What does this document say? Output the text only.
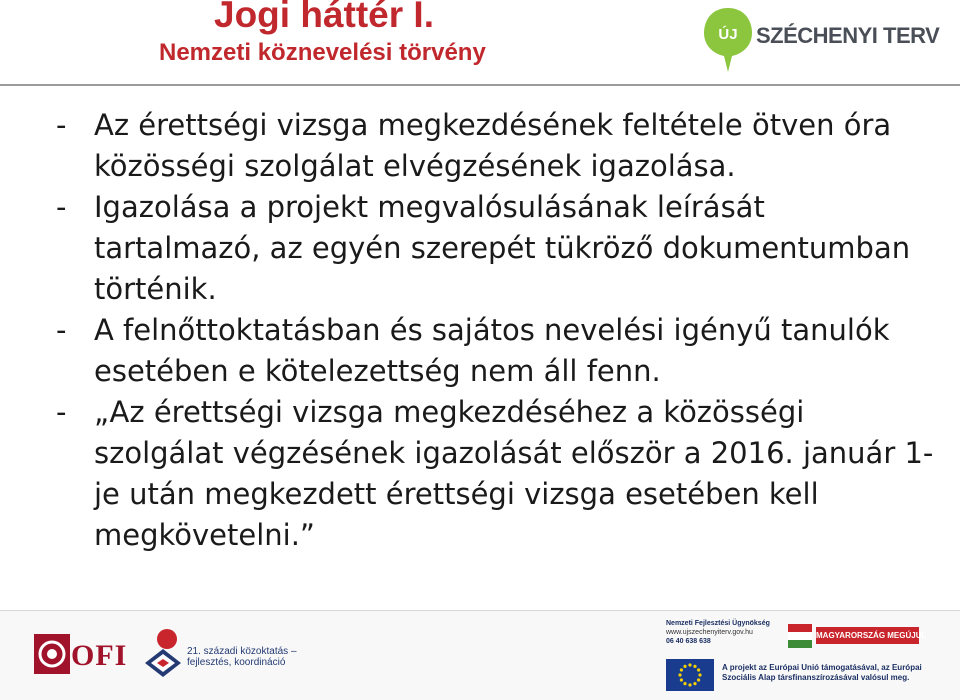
Jogi háttér I.
Nemzeti köznevelési törvény
ÚJ SZÉCHENYI TERV
- Az érettségi vizsga megkezdésének feltétele ötven óra közösségi szolgálat elvégzésének igazolása.
- Igazolása a projekt megvalósulásának leírását tartalmazó, az egyén szerepét tükröző dokumentumban történik.
- A felnőttoktatásban és sajátos nevelési igényű tanulók esetében e kötelezettség nem áll fenn.
- „Az érettségi vizsga megkezdéséhez a közösségi szolgálat végzésének igazolását először a 2016. január 1-je után megkezdett érettségi vizsga esetében kell megkövetelni.”
OFI	21. századi közoktatás –
fejlesztés, koordináció
Nemzeti Fejlesztési Ügynökség
www.ujszechenyiterv.gov.hu
06 40 638 638
MAGYARORSZÁG MEGÚJUL
A projekt az Európai Unió támogatásával, az Európai
Szociális Alap társfinanszírozásával valósul meg.
